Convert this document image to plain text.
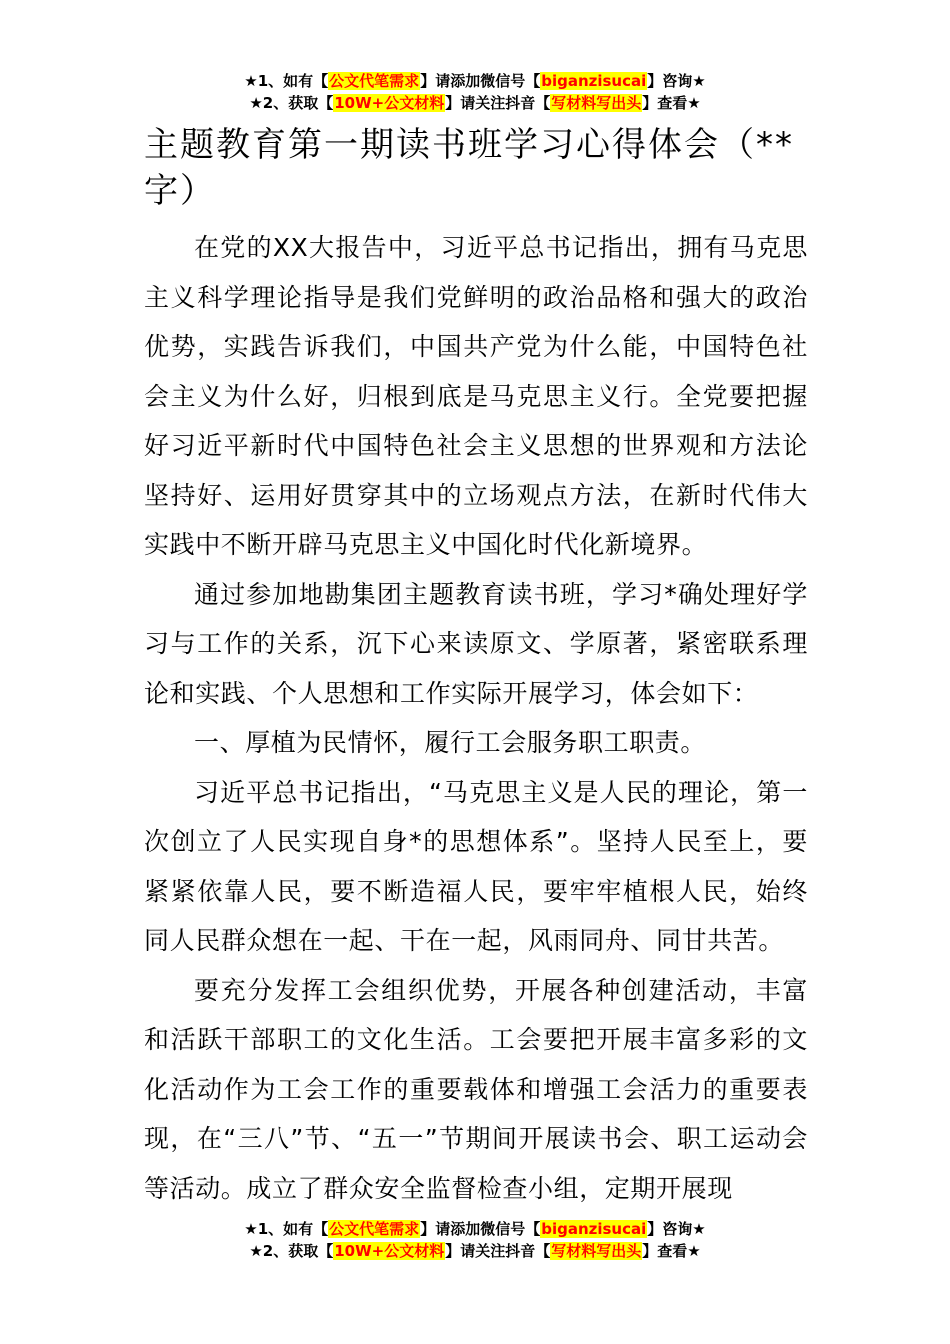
★1、如有【公文代笔需求】请添加微信号【biganzisucai】咨询★
★2、获取【10W+公文材料】请关注抖音【写材料写出头】查看★
主题教育第一期读书班学习心得体会（**字）

在党的XX大报告中，习近平总书记指出，拥有马克思主义科学理论指导是我们党鲜明的政治品格和强大的政治优势，实践告诉我们，中国共产党为什么能，中国特色社会主义为什么好，归根到底是马克思主义行。全党要把握好习近平新时代中国特色社会主义思想的世界观和方法论坚持好、运用好贯穿其中的立场观点方法，在新时代伟大实践中不断开辟马克思主义中国化时代化新境界。

通过参加地勘集团主题教育读书班，学习*确处理好学习与工作的关系，沉下心来读原文、学原著，紧密联系理论和实践、个人思想和工作实际开展学习，体会如下：

一、厚植为民情怀，履行工会服务职工职责。

习近平总书记指出，“马克思主义是人民的理论，第一次创立了人民实现自身*的思想体系”。坚持人民至上，要紧紧依靠人民，要不断造福人民，要牢牢植根人民，始终同人民群众想在一起、干在一起，风雨同舟、同甘共苦。

要充分发挥工会组织优势，开展各种创建活动，丰富和活跃干部职工的文化生活。工会要把开展丰富多彩的文化活动作为工会工作的重要载体和增强工会活力的重要表现，在“三八”节、“五一”节期间开展读书会、职工运动会等活动。成立了群众安全监督检查小组，定期开展现

★1、如有【公文代笔需求】请添加微信号【biganzisucai】咨询★
★2、获取【10W+公文材料】请关注抖音【写材料写出头】查看★
